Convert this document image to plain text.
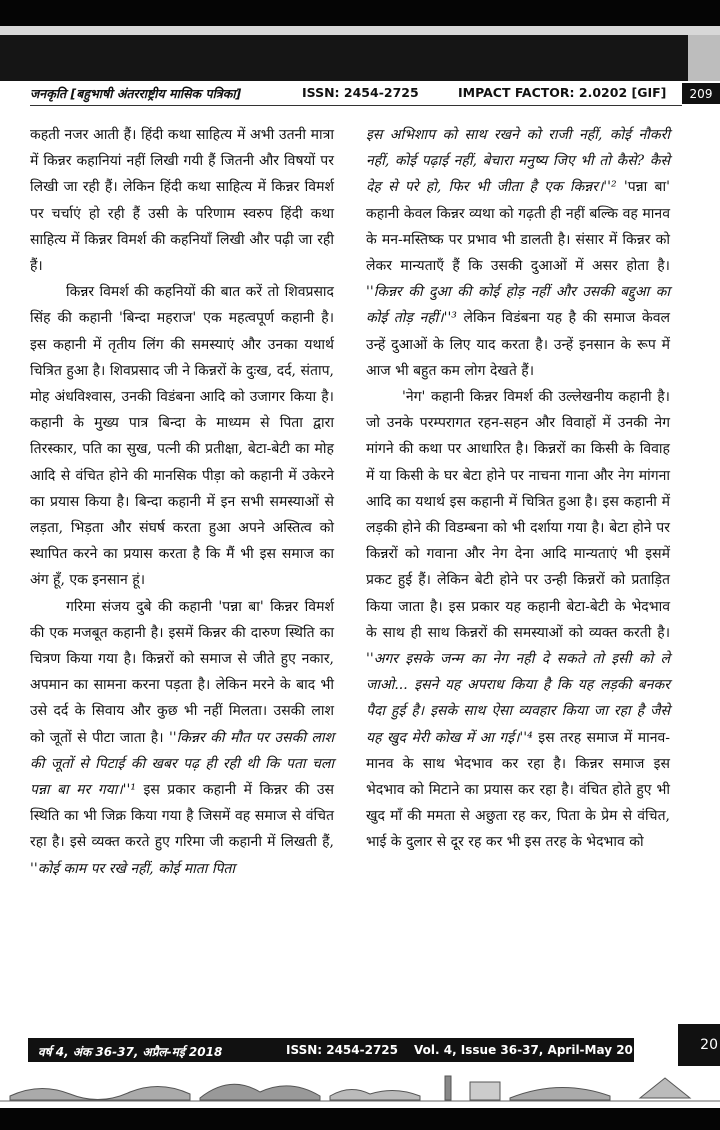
जनकृति [बहुभाषी अंतरराष्ट्रीय मासिक पत्रिका]	ISSN: 2454-2725	IMPACT FACTOR: 2.0202 [GIF]	209

कहती नजर आती हैं। हिंदी कथा साहित्य में अभी उतनी मात्रा में किन्नर कहानियां नहीं लिखी गयी हैं जितनी और विषयों पर लिखी जा रही हैं। लेकिन हिंदी कथा साहित्य में किन्नर विमर्श पर चर्चाएं हो रही हैं उसी के परिणाम स्वरुप हिंदी कथा साहित्य में किन्नर विमर्श की कहनियाँ लिखी और पढ़ी जा रही हैं।

किन्नर विमर्श की कहनियों की बात करें तो शिवप्रसाद सिंह की कहानी 'बिन्दा महराज' एक महत्वपूर्ण कहानी है। इस कहानी में तृतीय लिंग की समस्याएं और उनका यथार्थ चित्रित हुआ है। शिवप्रसाद जी ने किन्नरों के दुःख, दर्द, संताप, मोह अंधविश्वास, उनकी विडंबना आदि को उजागर किया है। कहानी के मुख्य पात्र बिन्दा के माध्यम से पिता द्वारा तिरस्कार, पति का सुख, पत्नी की प्रतीक्षा, बेटा-बेटी का मोह आदि से वंचित होने की मानसिक पीड़ा को कहानी में उकेरने का प्रयास किया है। बिन्दा कहानी में इन सभी समस्याओं से लड़ता, भिड़ता और संघर्ष करता हुआ अपने अस्तित्व को स्थापित करने का प्रयास करता है कि मैं भी इस समाज का अंग हूँ, एक इनसान हूं।

गरिमा संजय दुबे की कहानी 'पन्ना बा' किन्नर विमर्श की एक मजबूत कहानी है। इसमें किन्नर की दारुण स्थिति का चित्रण किया गया है। किन्नरों को समाज से जीते हुए नकार, अपमान का सामना करना पड़ता है। लेकिन मरने के बाद भी उसे दर्द के सिवाय और कुछ भी नहीं मिलता। उसकी लाश को जूतों से पीटा जाता है। ''किन्नर की मौत पर उसकी लाश की जूतों से पिटाई की खबर पढ़ ही रही थी कि पता चला पन्ना बा मर गया।''¹ इस प्रकार कहानी में किन्नर की उस स्थिति का भी जिक्र किया गया है जिसमें वह समाज से वंचित रहा है। इसे व्यक्त करते हुए गरिमा जी कहानी में लिखती हैं, ''कोई काम पर रखे नहीं, कोई माता पिता

इस अभिशाप को साथ रखने को राजी नहीं, कोई नौकरी नहीं, कोई पढ़ाई नहीं, बेचारा मनुष्य जिए भी तो कैसे? कैसे देह से परे हो, फिर भी जीता है एक किन्नर।''² 'पन्ना बा' कहानी केवल किन्नर व्यथा को गढ़ती ही नहीं बल्कि वह मानव के मन-मस्तिष्क पर प्रभाव भी डालती है। संसार में किन्नर को लेकर मान्यताएँ हैं कि उसकी दुआओं में असर होता है। ''किन्नर की दुआ की कोई होड़ नहीं और उसकी बद्दुआ का कोई तोड़ नहीं।''³ लेकिन विडंबना यह है की समाज केवल उन्हें दुआओं के लिए याद करता है। उन्हें इनसान के रूप में आज भी बहुत कम लोग देखते हैं।

'नेग' कहानी किन्नर विमर्श की उल्लेखनीय कहानी है। जो उनके परम्परागत रहन-सहन और विवाहों में उनकी नेग मांगने की कथा पर आधारित है। किन्नरों का किसी के विवाह में या किसी के घर बेटा होने पर नाचना गाना और नेग मांगना आदि का यथार्थ इस कहानी में चित्रित हुआ है। इस कहानी में लड़की होने की विडम्बना को भी दर्शाया गया है। बेटा होने पर किन्नरों को गवाना और नेग देना आदि मान्यताएं भी इसमें प्रकट हुई हैं। लेकिन बेटी होने पर उन्ही किन्नरों को प्रताड़ित किया जाता है। इस प्रकार यह कहानी बेटा-बेटी के भेदभाव के साथ ही साथ किन्नरों की समस्याओं को व्यक्त करती है। ''अगर इसके जन्म का नेग नही दे सकते तो इसी को ले जाओ... इसने यह अपराध किया है कि यह लड़की बनकर पैदा हुई है। इसके साथ ऐसा व्यवहार किया जा रहा है जैसे यह खुद मेरी कोख में आ गई।''⁴ इस तरह समाज में मानव-मानव के साथ भेदभाव कर रहा है। किन्नर समाज इस भेदभाव को मिटाने का प्रयास कर रहा है। वंचित होते हुए भी खुद माँ की ममता से अछुता रह कर, पिता के प्रेम से वंचित, भाई के दुलार से दूर रह कर भी इस तरह के भेदभाव को

वर्ष 4, अंक 36-37, अप्रैल-मई 2018	ISSN: 2454-2725 Vol. 4, Issue 36-37, April-May 2018	20
